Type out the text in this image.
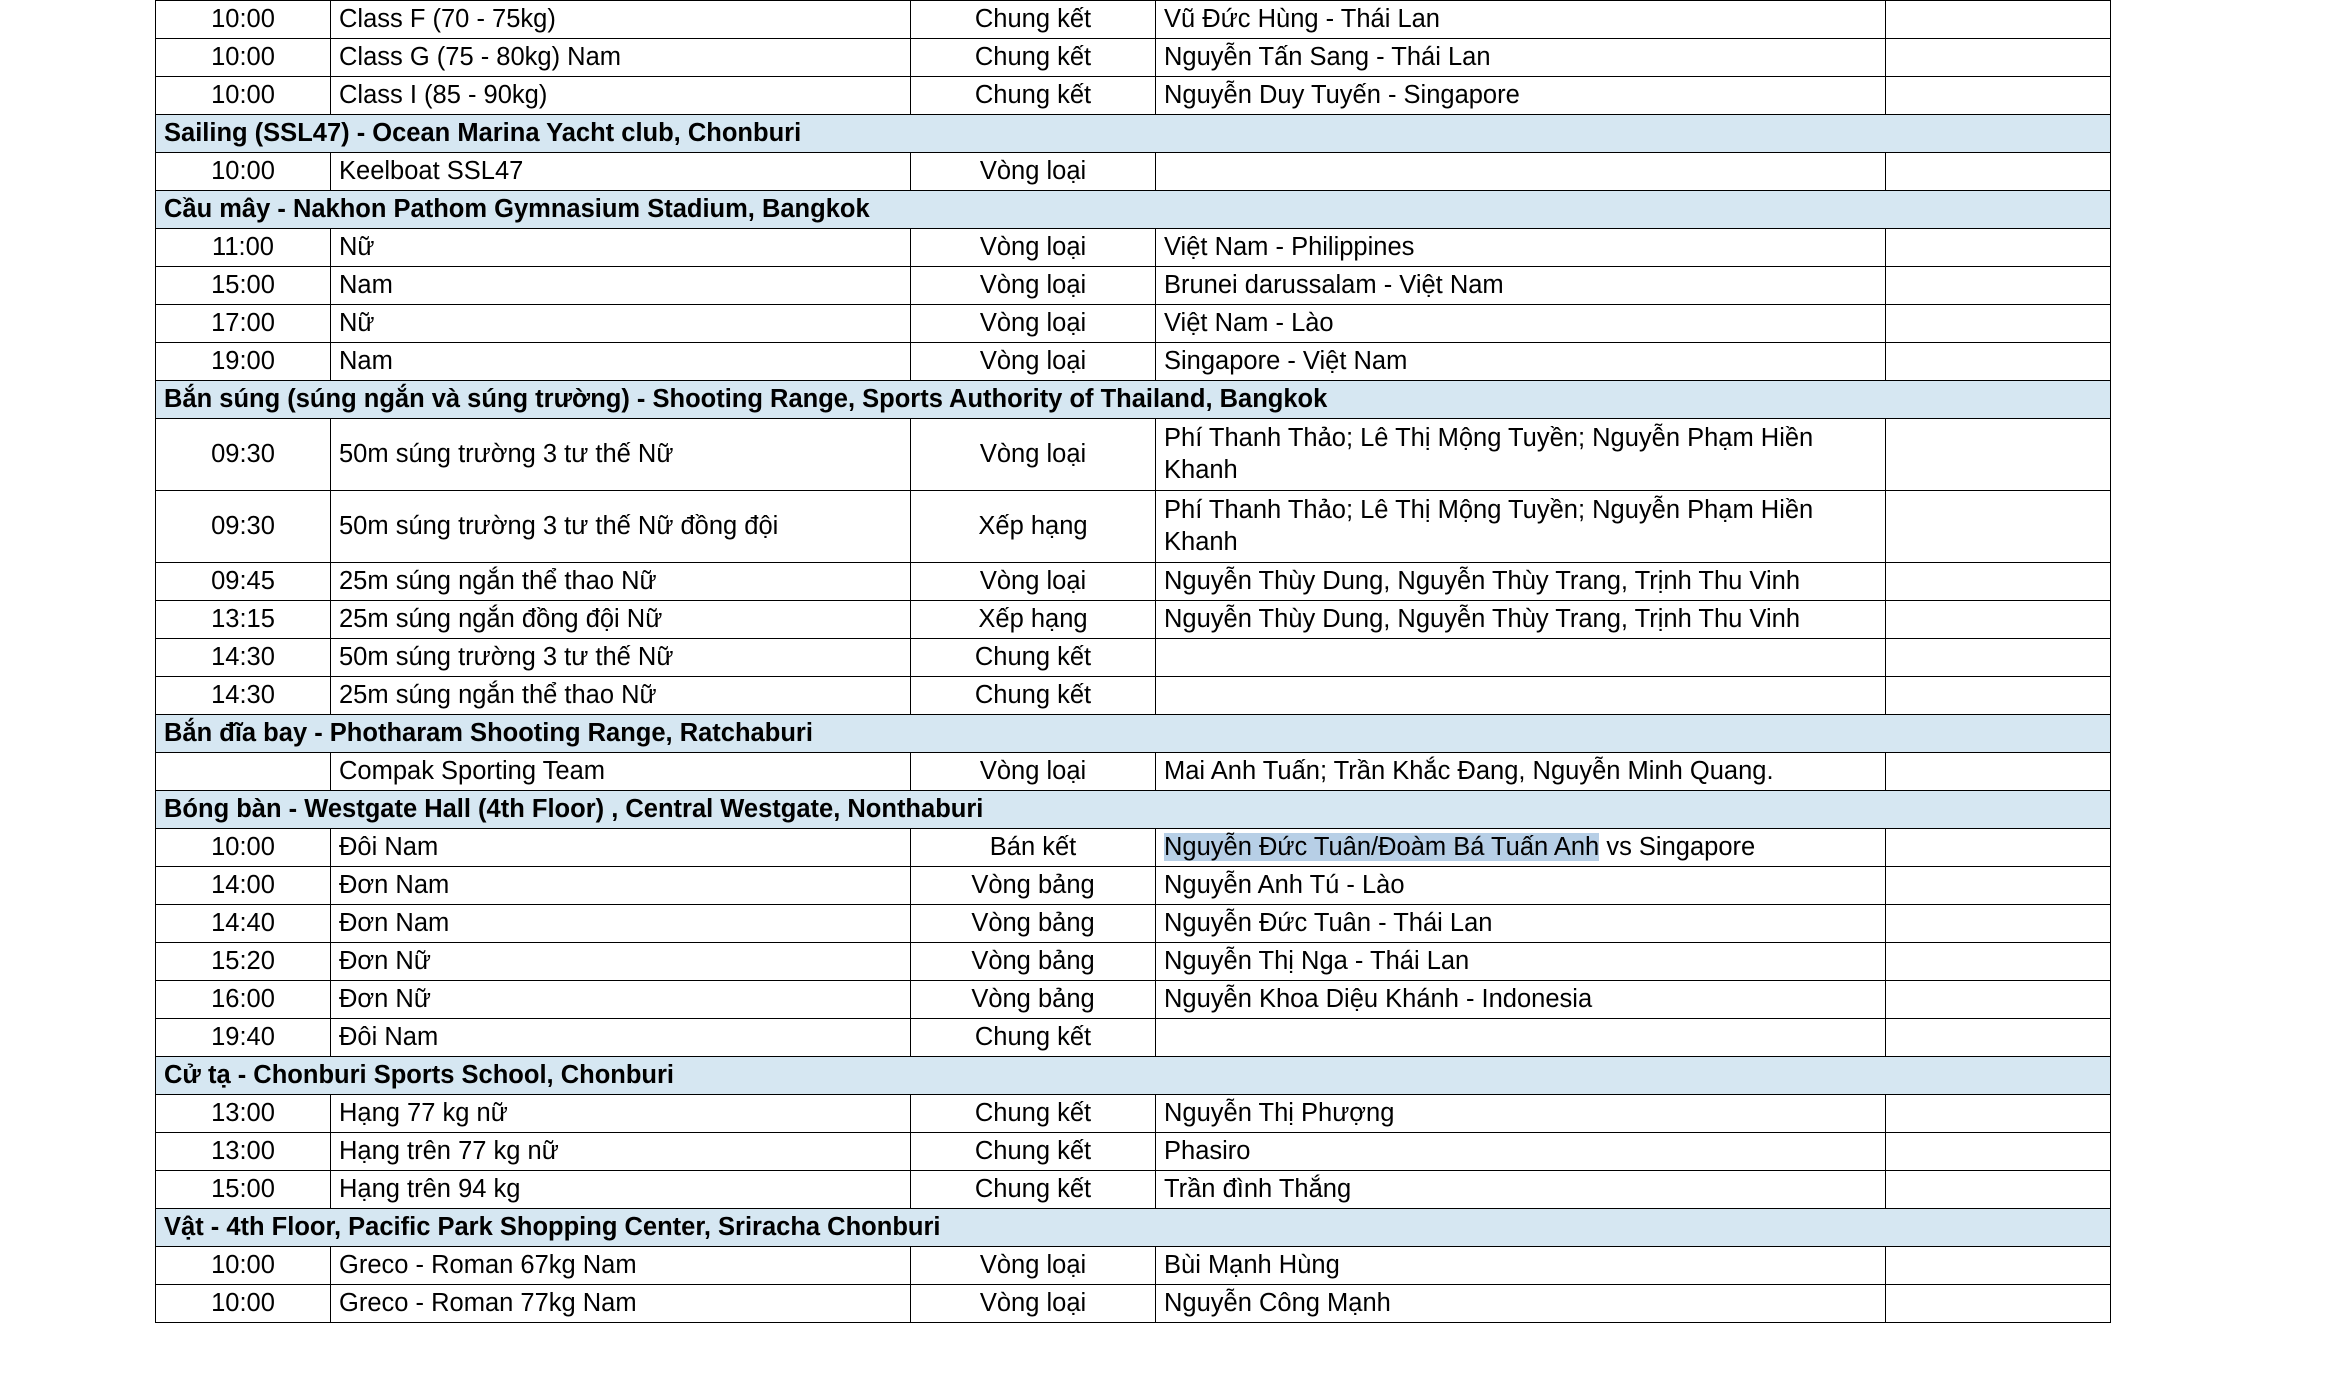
10:00	Class F (70 - 75kg)	Chung kết	Vũ Đức Hùng - Thái Lan	
10:00	Class G (75 - 80kg) Nam	Chung kết	Nguyễn Tấn Sang - Thái Lan	
10:00	Class I (85 - 90kg)	Chung kết	Nguyễn Duy Tuyến - Singapore	
Sailing (SSL47) - Ocean Marina Yacht club, Chonburi				
10:00	Keelboat SSL47	Vòng loại		
Cầu mây - Nakhon Pathom Gymnasium Stadium, Bangkok				
11:00	Nữ	Vòng loại	Việt Nam - Philippines	
15:00	Nam	Vòng loại	Brunei darussalam - Việt Nam	
17:00	Nữ	Vòng loại	Việt Nam - Lào	
19:00	Nam	Vòng loại	Singapore - Việt Nam	
Bắn súng (súng ngắn và súng trường) - Shooting Range, Sports Authority of Thailand, Bangkok				
09:30	50m súng trường 3 tư thế Nữ	Vòng loại	Phí Thanh Thảo; Lê Thị Mộng Tuyền; Nguyễn Phạm Hiền Khanh	
09:30	50m súng trường 3 tư thế Nữ đồng đội	Xếp hạng	Phí Thanh Thảo; Lê Thị Mộng Tuyền; Nguyễn Phạm Hiền Khanh	
09:45	25m súng ngắn thể thao Nữ	Vòng loại	Nguyễn Thùy Dung, Nguyễn Thùy Trang, Trịnh Thu Vinh	
13:15	25m súng ngắn đồng đội Nữ	Xếp hạng	Nguyễn Thùy Dung, Nguyễn Thùy Trang, Trịnh Thu Vinh	
14:30	50m súng trường 3 tư thế Nữ	Chung kết		
14:30	25m súng ngắn thể thao Nữ	Chung kết		
Bắn đĩa bay - Photharam Shooting Range, Ratchaburi				
	Compak Sporting Team	Vòng loại	Mai Anh Tuấn; Trần Khắc Đang, Nguyễn Minh Quang.	
Bóng bàn - Westgate Hall (4th Floor) , Central Westgate, Nonthaburi				
10:00	Đôi Nam	Bán kết	Nguyễn Đức Tuân/Đoàm Bá Tuấn Anh vs Singapore	
14:00	Đơn Nam	Vòng bảng	Nguyễn Anh Tú - Lào	
14:40	Đơn Nam	Vòng bảng	Nguyễn Đức Tuân - Thái Lan	
15:20	Đơn Nữ	Vòng bảng	Nguyễn Thị Nga - Thái Lan	
16:00	Đơn Nữ	Vòng bảng	Nguyễn Khoa Diệu Khánh - Indonesia	
19:40	Đôi Nam	Chung kết		
Cử tạ - Chonburi Sports School, Chonburi				
13:00	Hạng 77 kg nữ	Chung kết	Nguyễn Thị Phượng	
13:00	Hạng trên 77 kg nữ	Chung kết	Phasiro	
15:00	Hạng trên 94 kg	Chung kết	Trần đình Thắng	
Vật - 4th Floor, Pacific Park Shopping Center, Sriracha Chonburi				
10:00	Greco - Roman 67kg Nam	Vòng loại	Bùi Mạnh Hùng	
10:00	Greco - Roman 77kg Nam	Vòng loại	Nguyễn Công Mạnh	
